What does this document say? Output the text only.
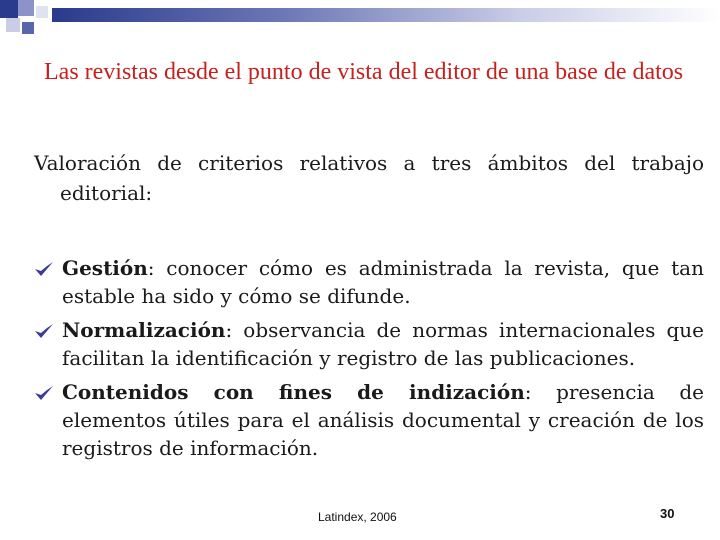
Las revistas desde el punto de vista del editor de una base de datos

Valoración de criterios relativos a tres ámbitos del trabajo
editorial:

Gestión: conocer cómo es administrada la revista, que tan estable ha sido y cómo se difunde.
Normalización: observancia de normas internacionales que facilitan la identificación y registro de las publicaciones.
Contenidos con fines de indización: presencia de elementos útiles para el análisis documental y creación de los registros de información.
Latindex, 2006	30
